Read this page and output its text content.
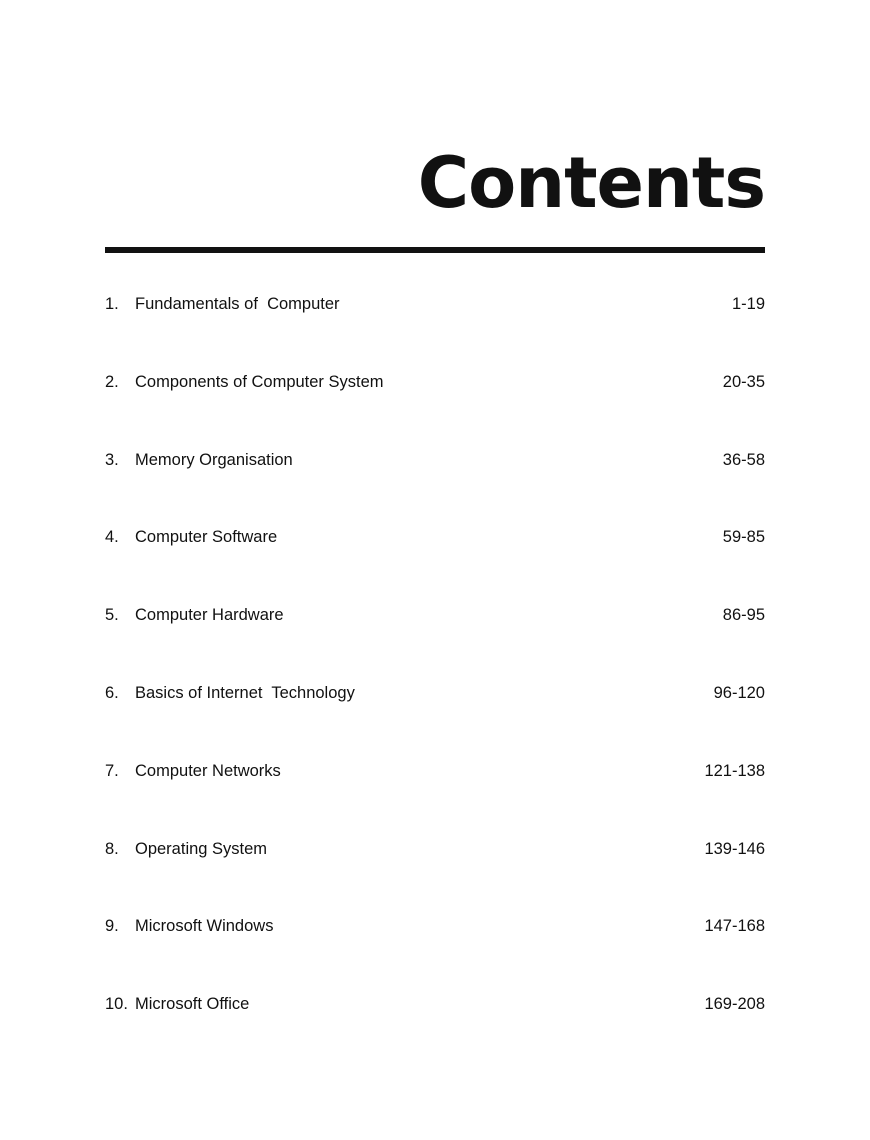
Contents
1. Fundamentals of  Computer	1-19
2. Components of Computer System	20-35
3. Memory Organisation	36-58
4. Computer Software	59-85
5. Computer Hardware	86-95
6. Basics of Internet  Technology	96-120
7. Computer Networks	121-138
8. Operating System	139-146
9. Microsoft Windows	147-168
10. Microsoft Office	169-208
